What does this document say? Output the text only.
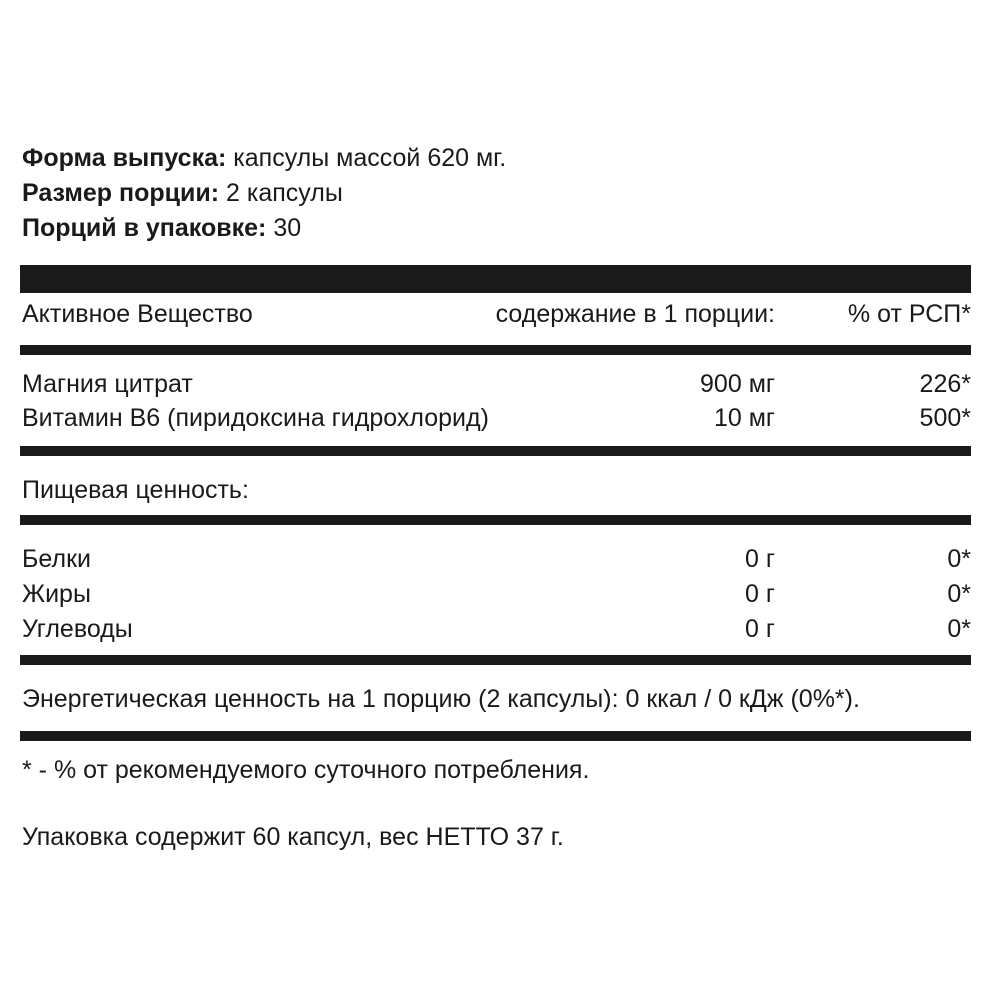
Форма выпуска: капсулы массой 620 мг.
Размер порции: 2 капсулы
Порций в упаковке: 30
Активное Вещество	содержание в 1 порции:	% от РСП*
Магния цитрат	900 мг	226*
Витамин B6 (пиридоксина гидрохлорид)	10 мг	500*
Пищевая ценность:
Белки	0 г	0*
Жиры	0 г	0*
Углеводы	0 г	0*
Энергетическая ценность на 1 порцию (2 капсулы): 0 ккал / 0 кДж (0%*).
* - % от рекомендуемого суточного потребления.
Упаковка содержит 60 капсул, вес НЕТТО 37 г.
